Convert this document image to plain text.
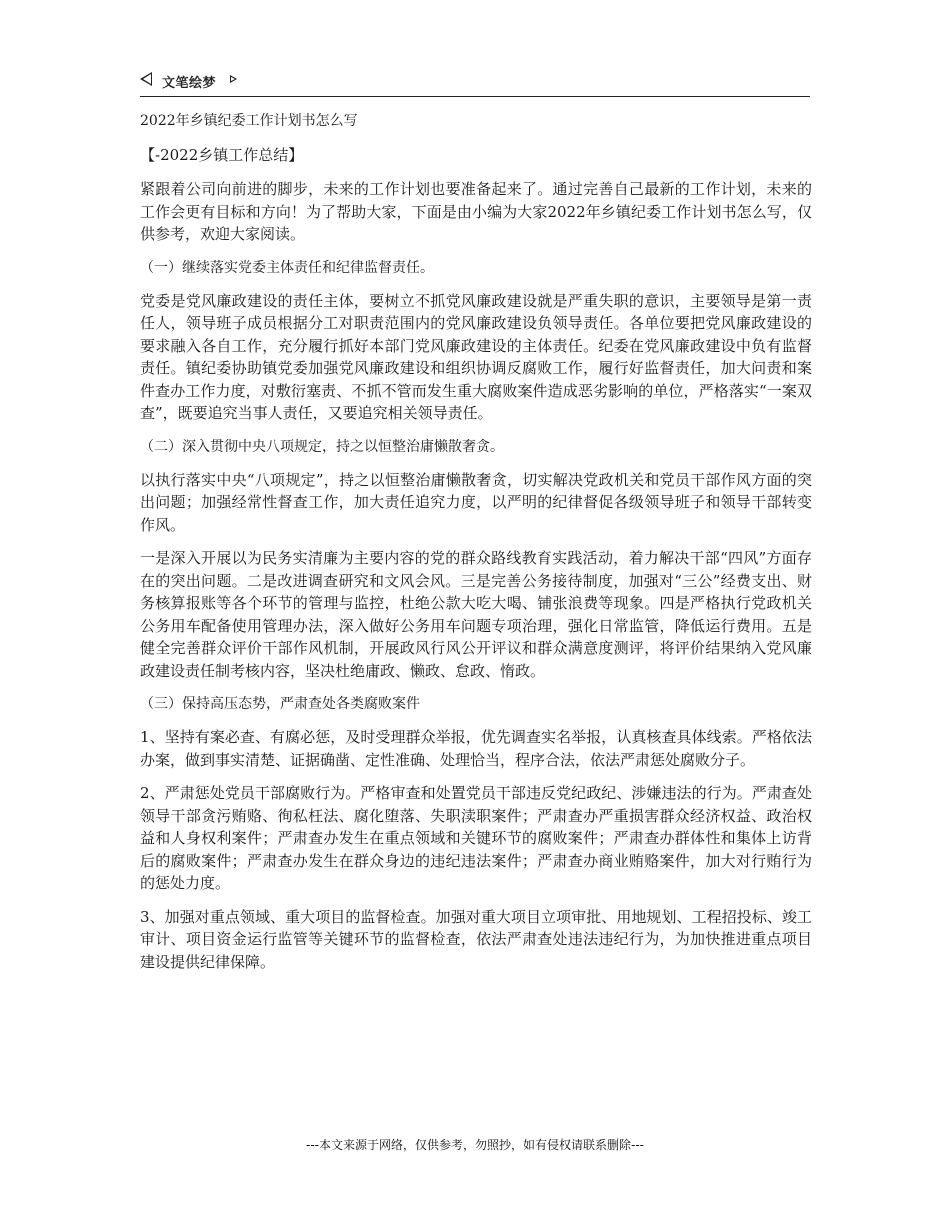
文笔绘梦
2022年乡镇纪委工作计划书怎么写
【-2022乡镇工作总结】

紧跟着公司向前进的脚步，未来的工作计划也要准备起来了。通过完善自己最新的工作计划，未来的工作会更有目标和方向！为了帮助大家，下面是由小编为大家2022年乡镇纪委工作计划书怎么写，仅供参考，欢迎大家阅读。

（一）继续落实党委主体责任和纪律监督责任。

党委是党风廉政建设的责任主体，要树立不抓党风廉政建设就是严重失职的意识，主要领导是第一责任人，领导班子成员根据分工对职责范围内的党风廉政建设负领导责任。各单位要把党风廉政建设的要求融入各自工作，充分履行抓好本部门党风廉政建设的主体责任。纪委在党风廉政建设中负有监督责任。镇纪委协助镇党委加强党风廉政建设和组织协调反腐败工作，履行好监督责任，加大问责和案件查办工作力度，对敷衍塞责、不抓不管而发生重大腐败案件造成恶劣影响的单位，严格落实“一案双查”，既要追究当事人责任，又要追究相关领导责任。

（二）深入贯彻中央八项规定，持之以恒整治庸懒散奢贪。

以执行落实中央“八项规定”，持之以恒整治庸懒散奢贪，切实解决党政机关和党员干部作风方面的突出问题；加强经常性督查工作，加大责任追究力度，以严明的纪律督促各级领导班子和领导干部转变作风。

一是深入开展以为民务实清廉为主要内容的党的群众路线教育实践活动，着力解决干部“四风”方面存在的突出问题。二是改进调查研究和文风会风。三是完善公务接待制度，加强对“三公”经费支出、财务核算报账等各个环节的管理与监控，杜绝公款大吃大喝、铺张浪费等现象。四是严格执行党政机关公务用车配备使用管理办法，深入做好公务用车问题专项治理，强化日常监管，降低运行费用。五是健全完善群众评价干部作风机制，开展政风行风公开评议和群众满意度测评，将评价结果纳入党风廉政建设责任制考核内容，坚决杜绝庸政、懒政、怠政、惰政。

（三）保持高压态势，严肃查处各类腐败案件

1、坚持有案必查、有腐必惩，及时受理群众举报，优先调查实名举报，认真核查具体线索。严格依法办案，做到事实清楚、证据确凿、定性准确、处理恰当，程序合法，依法严肃惩处腐败分子。

2、严肃惩处党员干部腐败行为。严格审查和处置党员干部违反党纪政纪、涉嫌违法的行为。严肃查处领导干部贪污贿赂、徇私枉法、腐化堕落、失职渎职案件；严肃查办严重损害群众经济权益、政治权益和人身权利案件；严肃查办发生在重点领域和关键环节的腐败案件；严肃查办群体性和集体上访背后的腐败案件；严肃查办发生在群众身边的违纪违法案件；严肃查办商业贿赂案件，加大对行贿行为的惩处力度。

3、加强对重点领域、重大项目的监督检查。加强对重大项目立项审批、用地规划、工程招投标、竣工审计、项目资金运行监管等关键环节的监督检查，依法严肃查处违法违纪行为，为加快推进重点项目建设提供纪律保障。

---本文来源于网络，仅供参考，勿照抄，如有侵权请联系删除---
